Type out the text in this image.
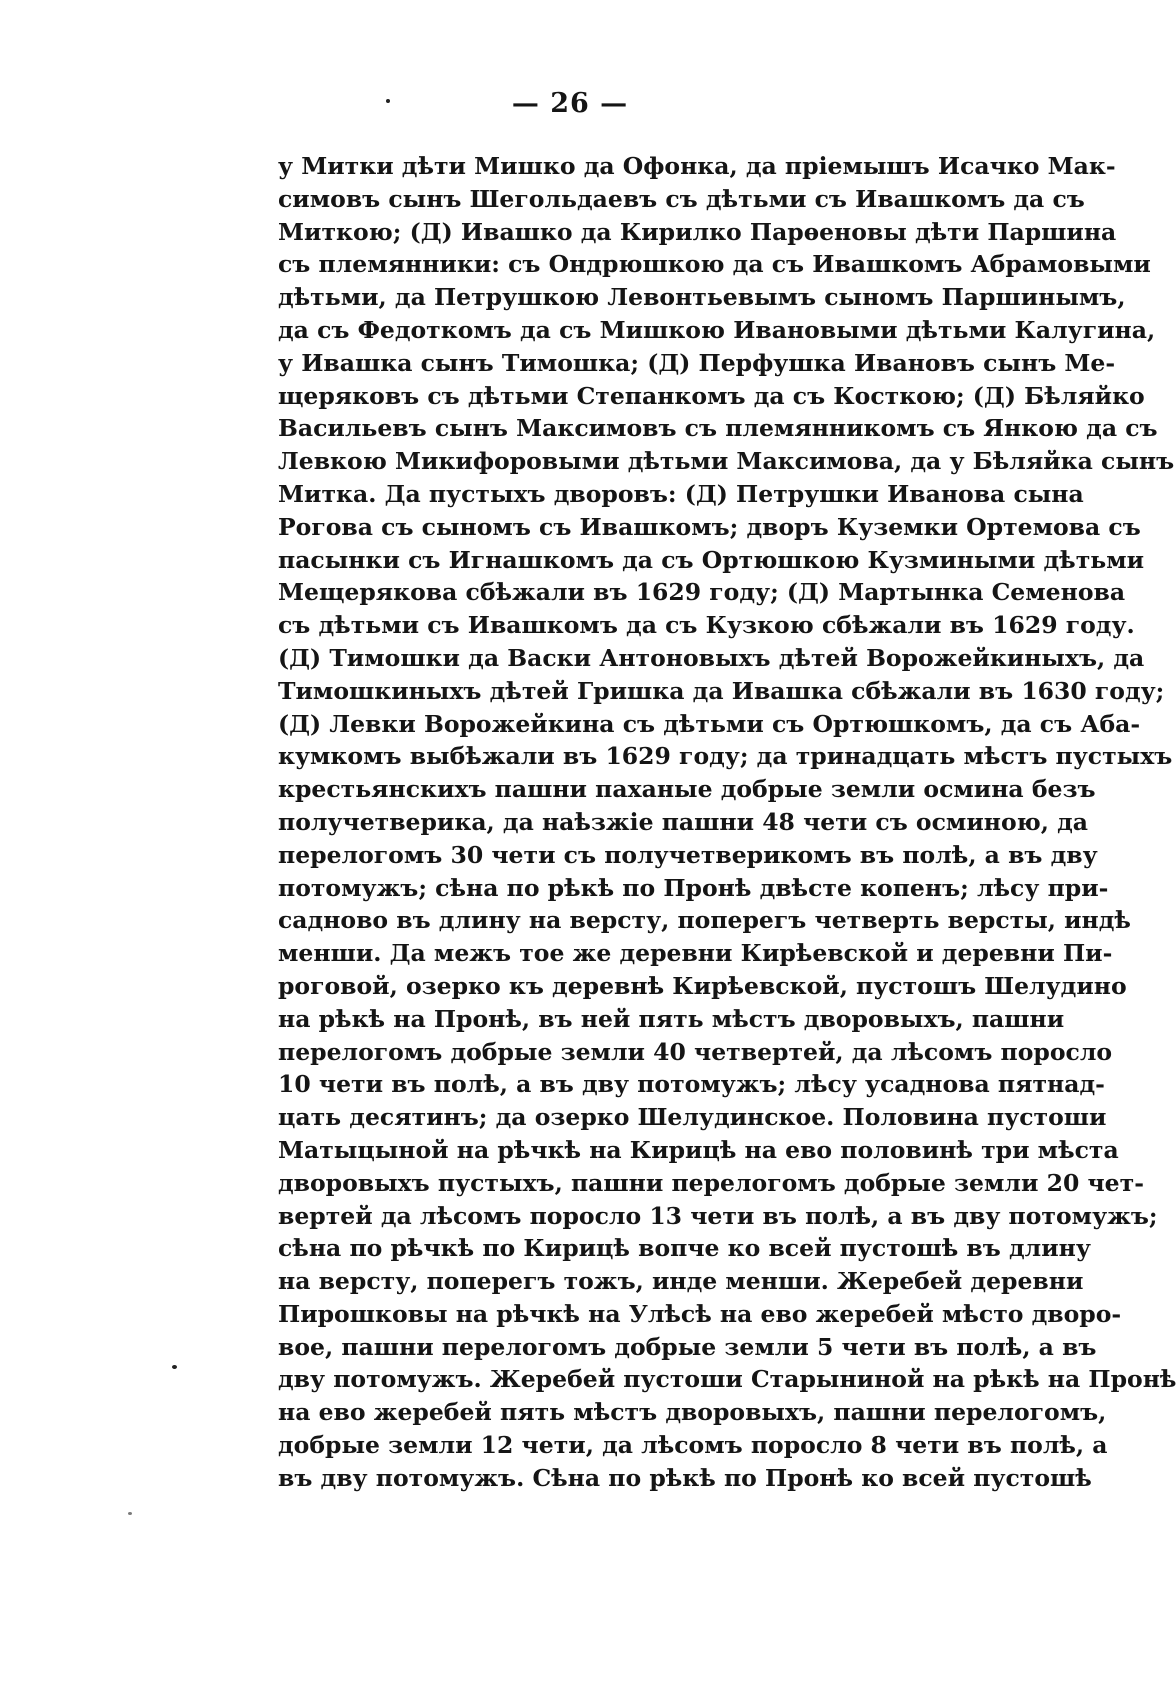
— 26 —
у Митки дѣти Мишко да Офонка, да пріемышъ Исачко Мак-
симовъ сынъ Шегольдаевъ съ дѣтьми съ Ивашкомъ да съ
Миткою; (Д) Ивашко да Кирилко Парѳеновы дѣти Паршина
съ племянники: съ Ондрюшкою да съ Ивашкомъ Абрамовыми
дѣтьми, да Петрушкою Левонтьевымъ сыномъ Паршинымъ,
да съ Федоткомъ да съ Мишкою Ивановыми дѣтьми Калугина,
у Ивашка сынъ Тимошка; (Д) Перфушка Ивановъ сынъ Ме-
щеряковъ съ дѣтьми Степанкомъ да съ Косткою; (Д) Бѣляйко
Васильевъ сынъ Максимовъ съ племянникомъ съ Янкою да съ
Левкою Микифоровыми дѣтьми Максимова, да у Бѣляйка сынъ
Митка. Да пустыхъ дворовъ: (Д) Петрушки Иванова сына
Рогова съ сыномъ съ Ивашкомъ; дворъ Куземки Ортемова съ
пасынки съ Игнашкомъ да съ Ортюшкою Кузмиными дѣтьми
Мещерякова сбѣжали въ 1629 году; (Д) Мартынка Семенова
съ дѣтьми съ Ивашкомъ да съ Кузкою сбѣжали въ 1629 году.
(Д) Тимошки да Васки Антоновыхъ дѣтей Ворожейкиныхъ, да
Тимошкиныхъ дѣтей Гришка да Ивашка сбѣжали въ 1630 году;
(Д) Левки Ворожейкина съ дѣтьми съ Ортюшкомъ, да съ Аба-
кумкомъ выбѣжали въ 1629 году; да тринадцать мѣстъ пустыхъ
крестьянскихъ пашни паханые добрые земли осмина безъ
получетверика, да наѣзжіе пашни 48 чети съ осминою, да
перелогомъ 30 чети съ получетверикомъ въ полѣ, а въ дву
потомужъ; сѣна по рѣкѣ по Пронѣ двѣсте копенъ; лѣсу при-
садново въ длину на версту, поперегъ четверть версты, индѣ
менши. Да межъ тое же деревни Кирѣевской и деревни Пи-
роговой, озерко къ деревнѣ Кирѣевской, пустошъ Шелудино
на рѣкѣ на Пронѣ, въ ней пять мѣстъ дворовыхъ, пашни
перелогомъ добрые земли 40 четвертей, да лѣсомъ поросло
10 чети въ полѣ, а въ дву потомужъ; лѣсу усаднова пятнад-
цать десятинъ; да озерко Шелудинское. Половина пустоши
Матыцыной на рѣчкѣ на Кирицѣ на ево половинѣ три мѣста
дворовыхъ пустыхъ, пашни перелогомъ добрые земли 20 чет-
вертей да лѣсомъ поросло 13 чети въ полѣ, а въ дву потомужъ;
сѣна по рѣчкѣ по Кирицѣ вопче ко всей пустошѣ въ длину
на версту, поперегъ тожъ, инде менши. Жеребей деревни
Пирошковы на рѣчкѣ на Улѣсѣ на ево жеребей мѣсто дворо-
вое, пашни перелогомъ добрые земли 5 чети въ полѣ, а въ
дву потомужъ. Жеребей пустоши Старыниной на рѣкѣ на Пронѣ
на ево жеребей пять мѣстъ дворовыхъ, пашни перелогомъ,
добрые земли 12 чети, да лѣсомъ поросло 8 чети въ полѣ, а
въ дву потомужъ. Сѣна по рѣкѣ по Пронѣ ко всей пустошѣ
